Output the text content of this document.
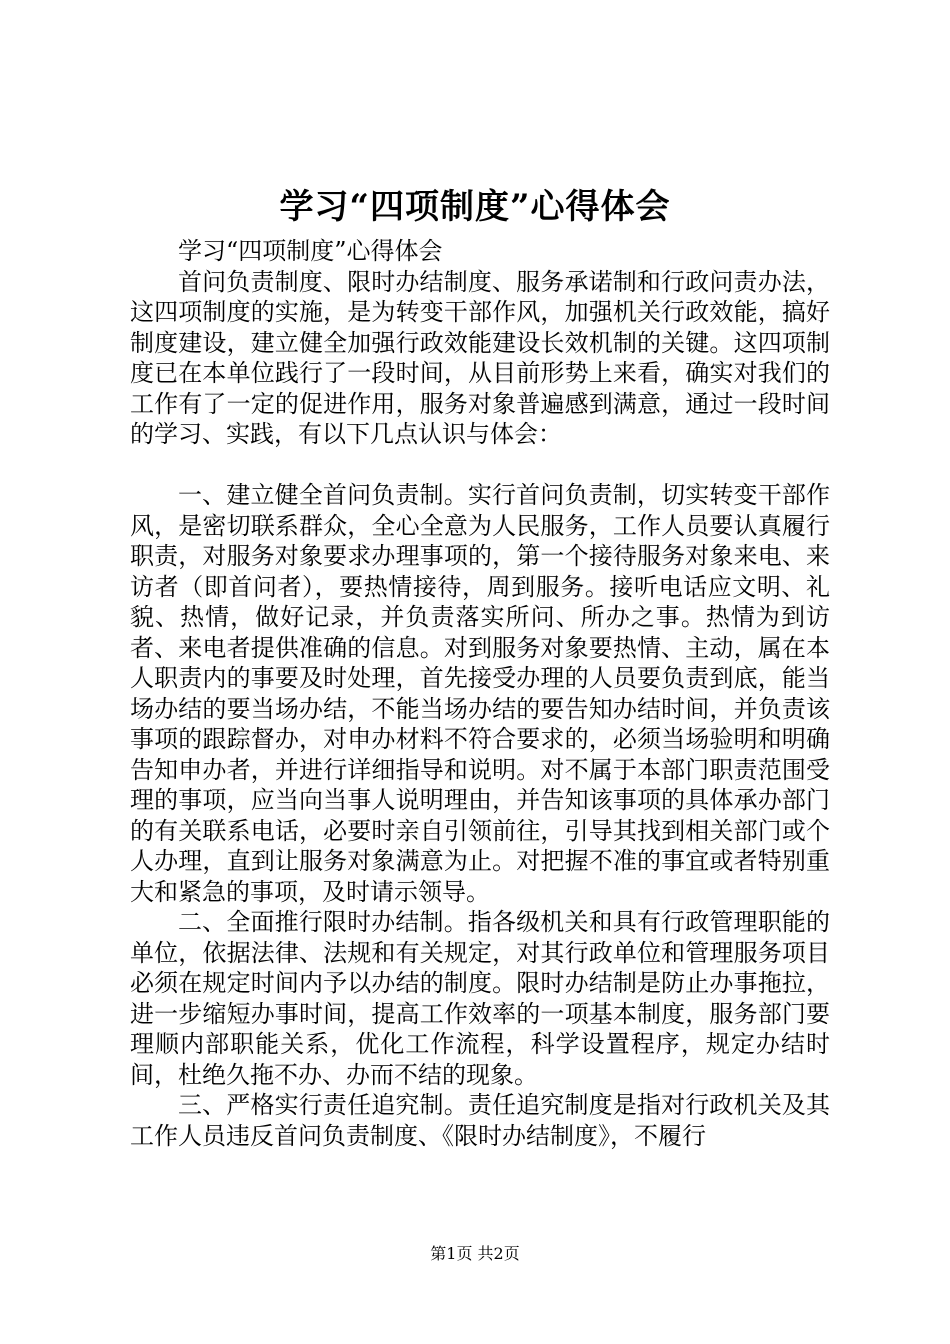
学习“四项制度”心得体会

学习“四项制度”心得体会

首问负责制度、限时办结制度、服务承诺制和行政问责办法，这四项制度的实施，是为转变干部作风，加强机关行政效能，搞好制度建设，建立健全加强行政效能建设长效机制的关键。这四项制度已在本单位践行了一段时间，从目前形势上来看，确实对我们的工作有了一定的促进作用，服务对象普遍感到满意，通过一段时间的学习、实践，有以下几点认识与体会：

一、建立健全首问负责制。实行首问负责制，切实转变干部作风，是密切联系群众，全心全意为人民服务，工作人员要认真履行职责，对服务对象要求办理事项的，第一个接待服务对象来电、来访者（即首问者），要热情接待，周到服务。接听电话应文明、礼貌、热情，做好记录，并负责落实所问、所办之事。热情为到访者、来电者提供准确的信息。对到服务对象要热情、主动，属在本人职责内的事要及时处理，首先接受办理的人员要负责到底，能当场办结的要当场办结，不能当场办结的要告知办结时间，并负责该事项的跟踪督办，对申办材料不符合要求的，必须当场验明和明确告知申办者，并进行详细指导和说明。对不属于本部门职责范围受理的事项，应当向当事人说明理由，并告知该事项的具体承办部门的有关联系电话，必要时亲自引领前往，引导其找到相关部门或个人办理，直到让服务对象满意为止。对把握不准的事宜或者特别重大和紧急的事项，及时请示领导。

二、全面推行限时办结制。指各级机关和具有行政管理职能的单位，依据法律、法规和有关规定，对其行政单位和管理服务项目必须在规定时间内予以办结的制度。限时办结制是防止办事拖拉，进一步缩短办事时间，提高工作效率的一项基本制度，服务部门要理顺内部职能关系，优化工作流程，科学设置程序，规定办结时间，杜绝久拖不办、办而不结的现象。

三、严格实行责任追究制。责任追究制度是指对行政机关及其工作人员违反首问负责制度、《限时办结制度》，不履行

第1页 共2页
